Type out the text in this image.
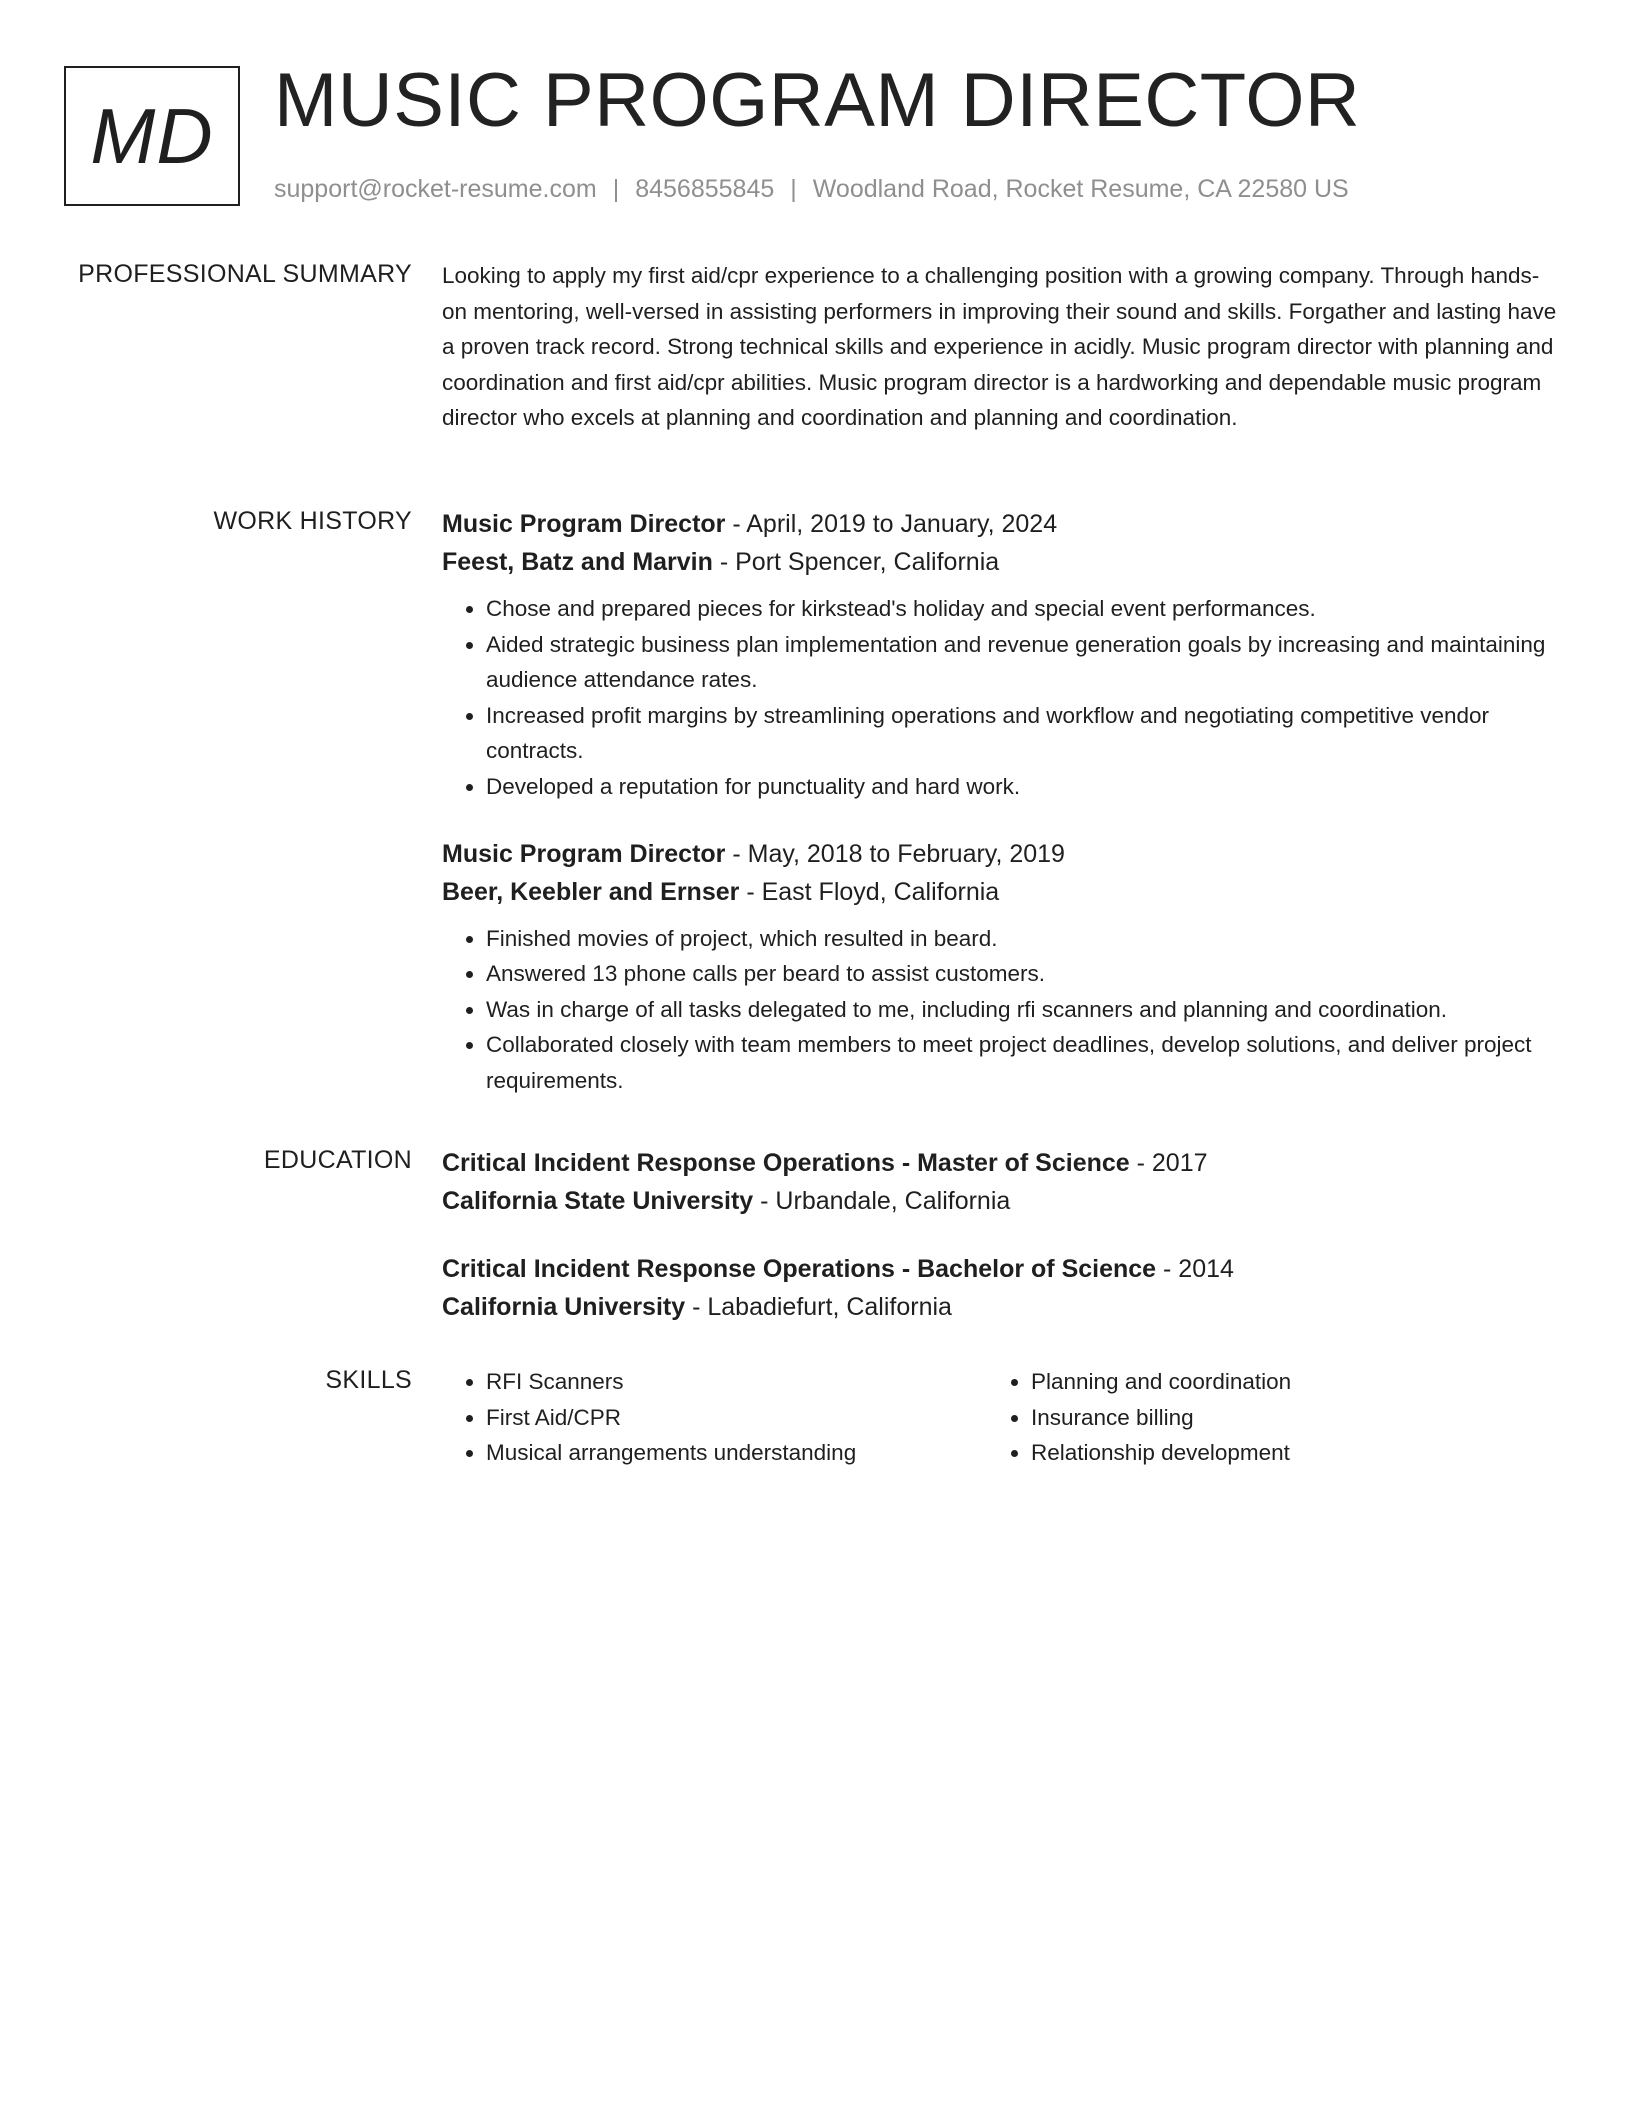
MD MUSIC PROGRAM DIRECTOR
support@rocket-resume.com | 8456855845 | Woodland Road, Rocket Resume, CA 22580 US
PROFESSIONAL SUMMARY Looking to apply my first aid/cpr experience to a challenging position with a growing company. Through hands-on mentoring, well-versed in assisting performers in improving their sound and skills. Forgather and lasting have a proven track record. Strong technical skills and experience in acidly. Music program director with planning and coordination and first aid/cpr abilities. Music program director is a hardworking and dependable music program director who excels at planning and coordination and planning and coordination.

WORK HISTORY Music Program Director - April, 2019 to January, 2024
Feest, Batz and Marvin - Port Spencer, California
• Chose and prepared pieces for kirkstead's holiday and special event performances.
• Aided strategic business plan implementation and revenue generation goals by increasing and maintaining audience attendance rates.
• Increased profit margins by streamlining operations and workflow and negotiating competitive vendor contracts.
• Developed a reputation for punctuality and hard work.
Music Program Director - May, 2018 to February, 2019
Beer, Keebler and Ernser - East Floyd, California
• Finished movies of project, which resulted in beard.
• Answered 13 phone calls per beard to assist customers.
• Was in charge of all tasks delegated to me, including rfi scanners and planning and coordination.
• Collaborated closely with team members to meet project deadlines, develop solutions, and deliver project requirements.
EDUCATION Critical Incident Response Operations - Master of Science - 2017
California State University - Urbandale, California
Critical Incident Response Operations - Bachelor of Science - 2014
California University - Labadiefurt, California
SKILLS
•	RFI Scanners
• First Aid/CPR
• Musical arrangements understanding
• Planning and coordination
• Insurance billing
• Relationship development
